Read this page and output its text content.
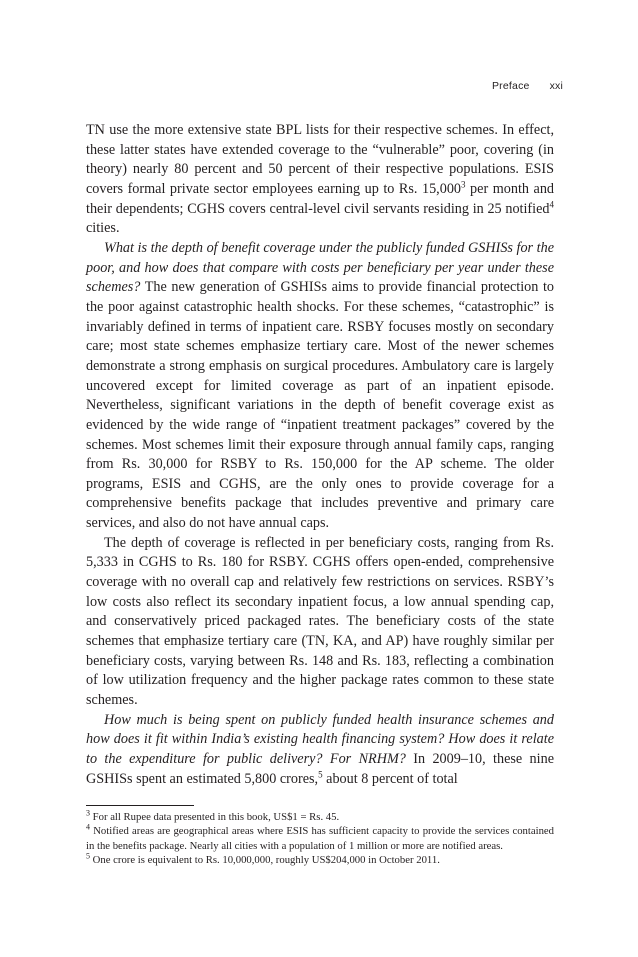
Preface xxi

TN use the more extensive state BPL lists for their respective schemes. In effect, these latter states have extended coverage to the “vulnerable” poor, covering (in theory) nearly 80 percent and 50 percent of their respective populations. ESIS covers formal private sector employees earning up to Rs. 15,000$^3$ per month and their dependents; CGHS covers central-level civil servants residing in 25 notified$^4$ cities.

What is the depth of benefit coverage under the publicly funded GSHISs for the poor, and how does that compare with costs per beneficiary per year under these schemes? The new generation of GSHISs aims to provide financial protection to the poor against catastrophic health shocks. For these schemes, “catastrophic” is invariably defined in terms of inpatient care. RSBY focuses mostly on secondary care; most state schemes emphasize tertiary care. Most of the newer schemes demonstrate a strong emphasis on surgical procedures. Ambulatory care is largely uncovered except for limited coverage as part of an inpatient episode. Nevertheless, significant variations in the depth of benefit coverage exist as evidenced by the wide range of “inpatient treatment packages” covered by the schemes. Most schemes limit their exposure through annual family caps, ranging from Rs. 30,000 for RSBY to Rs. 150,000 for the AP scheme. The older programs, ESIS and CGHS, are the only ones to provide coverage for a comprehensive benefits package that includes preventive and primary care services, and also do not have annual caps.

The depth of coverage is reflected in per beneficiary costs, ranging from Rs. 5,333 in CGHS to Rs. 180 for RSBY. CGHS offers open-ended, comprehensive coverage with no overall cap and relatively few restrictions on services. RSBY’s low costs also reflect its secondary inpatient focus, a low annual spending cap, and conservatively priced packaged rates. The beneficiary costs of the state schemes that emphasize tertiary care (TN, KA, and AP) have roughly similar per beneficiary costs, varying between Rs. 148 and Rs. 183, reflecting a combination of low utilization frequency and the higher package rates common to these state schemes.

How much is being spent on publicly funded health insurance schemes and how does it fit within India’s existing health financing system? How does it relate to the expenditure for public delivery? For NRHM? In 2009–10, these nine GSHISs spent an estimated 5,800 crores,$^5$ about 8 percent of total

$^3$ For all Rupee data presented in this book, US$1 = Rs. 45.

$^4$ Notified areas are geographical areas where ESIS has sufficient capacity to provide the services contained in the benefits package. Nearly all cities with a population of 1 million or more are notified areas.

$^5$ One crore is equivalent to Rs. 10,000,000, roughly US$204,000 in October 2011.
